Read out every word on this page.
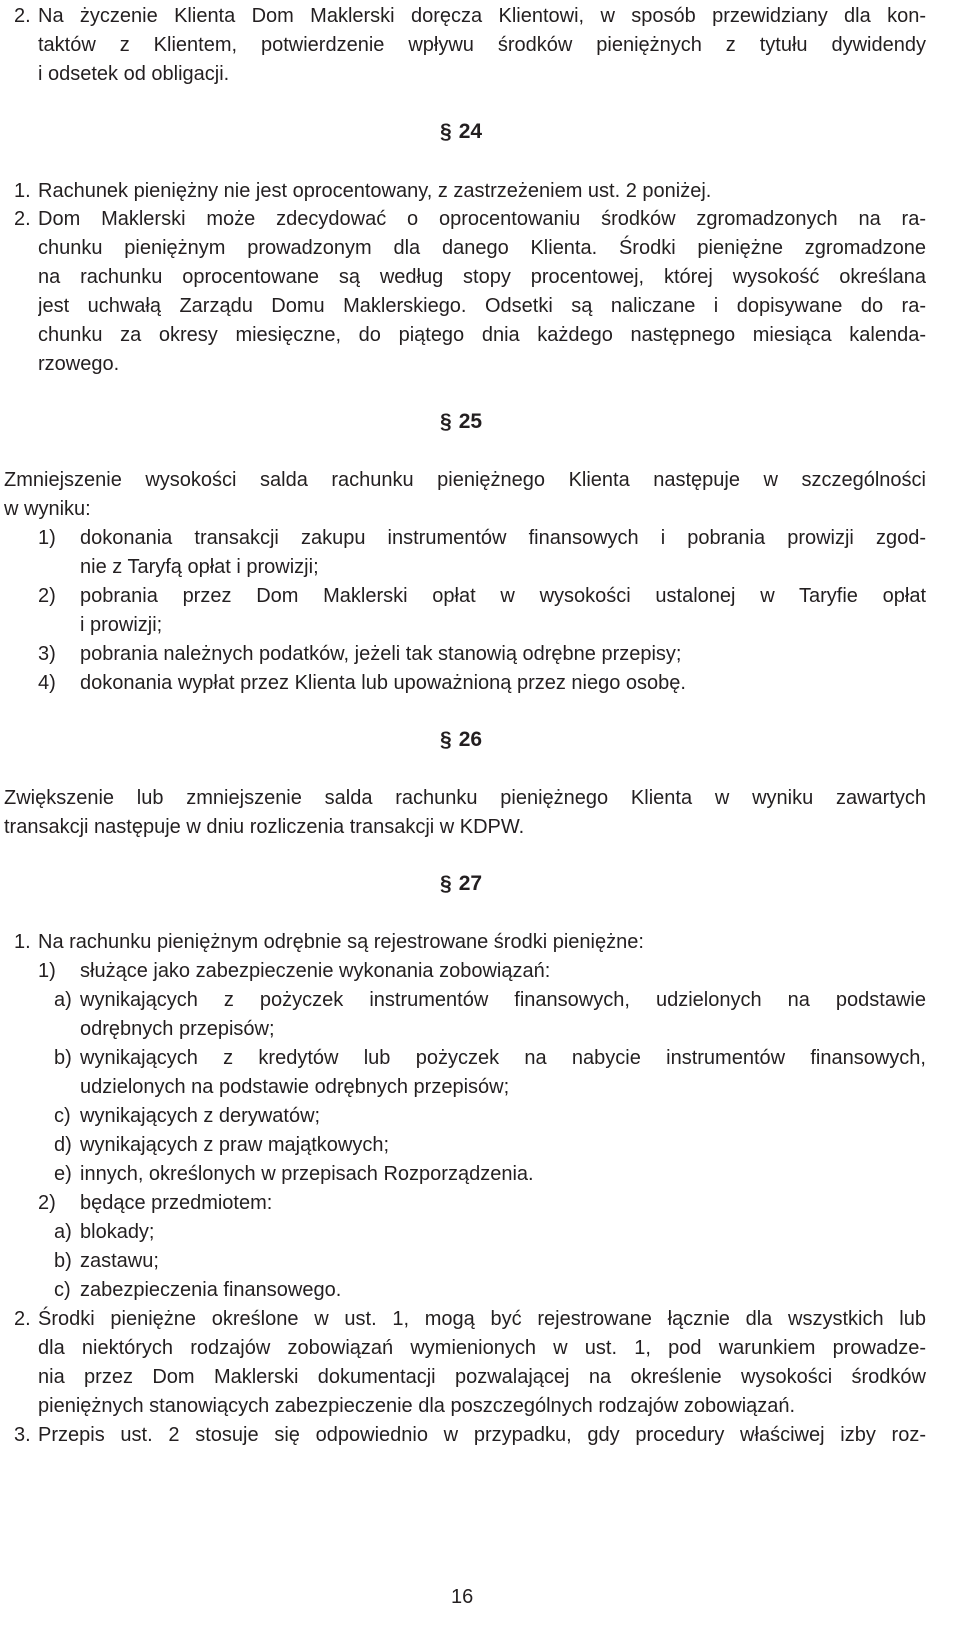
2. Na życzenie Klienta Dom Maklerski doręcza Klientowi, w sposób przewidziany dla kon-
taktów z Klientem, potwierdzenie wpływu środków pieniężnych z tytułu dywidendy
i odsetek od obligacji.
§ 24
1. Rachunek pieniężny nie jest oprocentowany, z zastrzeżeniem ust. 2 poniżej.
2. Dom Maklerski może zdecydować o oprocentowaniu środków zgromadzonych na ra-
chunku pieniężnym prowadzonym dla danego Klienta. Środki pieniężne zgromadzone
na rachunku oprocentowane są według stopy procentowej, której wysokość określana
jest uchwałą Zarządu Domu Maklerskiego. Odsetki są naliczane i dopisywane do ra-
chunku za okresy miesięczne, do piątego dnia każdego następnego miesiąca kalenda-
rzowego.
§ 25
Zmniejszenie wysokości salda rachunku pieniężnego Klienta następuje w szczególności
w wyniku:
1) dokonania transakcji zakupu instrumentów finansowych i pobrania prowizji zgod-
nie z Taryfą opłat i prowizji;
2) pobrania przez Dom Maklerski opłat w wysokości ustalonej w Taryfie opłat
i prowizji;
3) pobrania należnych podatków, jeżeli tak stanowią odrębne przepisy;
4) dokonania wypłat przez Klienta lub upoważnioną przez niego osobę.
§ 26
Zwiększenie lub zmniejszenie salda rachunku pieniężnego Klienta w wyniku zawartych
transakcji następuje w dniu rozliczenia transakcji w KDPW.
§ 27
1. Na rachunku pieniężnym odrębnie są rejestrowane środki pieniężne:
1) służące jako zabezpieczenie wykonania zobowiązań:
a) wynikających z pożyczek instrumentów finansowych, udzielonych na podstawie
odrębnych przepisów;
b) wynikających z kredytów lub pożyczek na nabycie instrumentów finansowych,
udzielonych na podstawie odrębnych przepisów;
c) wynikających z derywatów;
d) wynikających z praw majątkowych;
e) innych, określonych w przepisach Rozporządzenia.
2) będące przedmiotem:
a) blokady;
b) zastawu;
c) zabezpieczenia finansowego.
2. Środki pieniężne określone w ust. 1, mogą być rejestrowane łącznie dla wszystkich lub
dla niektórych rodzajów zobowiązań wymienionych w ust. 1, pod warunkiem prowadze-
nia przez Dom Maklerski dokumentacji pozwalającej na określenie wysokości środków
pieniężnych stanowiących zabezpieczenie dla poszczególnych rodzajów zobowiązań.
3. Przepis ust. 2 stosuje się odpowiednio w przypadku, gdy procedury właściwej izby roz-
16
